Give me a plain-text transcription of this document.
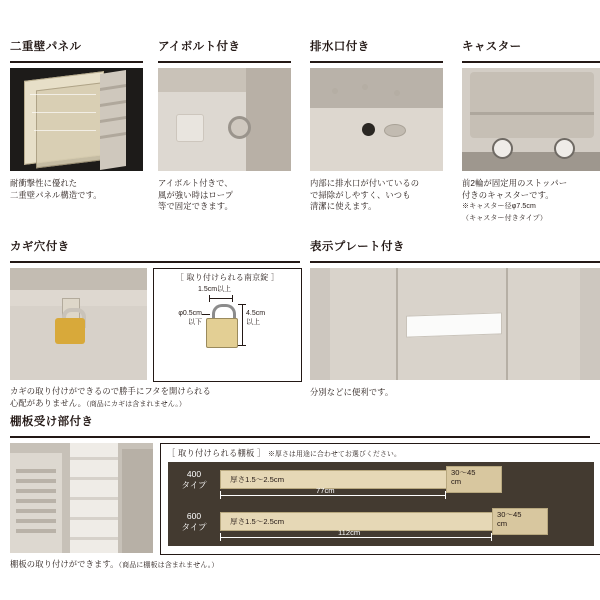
二重壁パネル
耐衝撃性に優れた
二重壁パネル構造です。
アイボルト付き
アイボルト付きで、
風が強い時はロープ
等で固定できます。
排水口付き
内部に排水口が付いているの
で掃除がしやすく、いつも
清潔に使えます。
キャスター
前2輪が固定用のストッパー
付きのキャスターです。
※キャスター径φ7.5cm
（キャスター付きタイプ）
カギ穴付き
［ 取り付けられる南京錠 ］
1.5cm以上
φ0.5cm
以下
4.5cm
以上
カギの取り付けができるので勝手にフタを開けられる
心配がありません。（商品にカギは含まれません。）
表示プレート付き
分別などに便利です。
棚板受け部付き
［ 取り付けられる棚板 ］ ※厚さは用途に合わせてお選びください。
400
タイプ
厚さ1.5～2.5cm
30～45
cm
77cm
600
タイプ
厚さ1.5～2.5cm
30～45
cm
112cm
棚板の取り付けができます。（商品に棚板は含まれません。）
